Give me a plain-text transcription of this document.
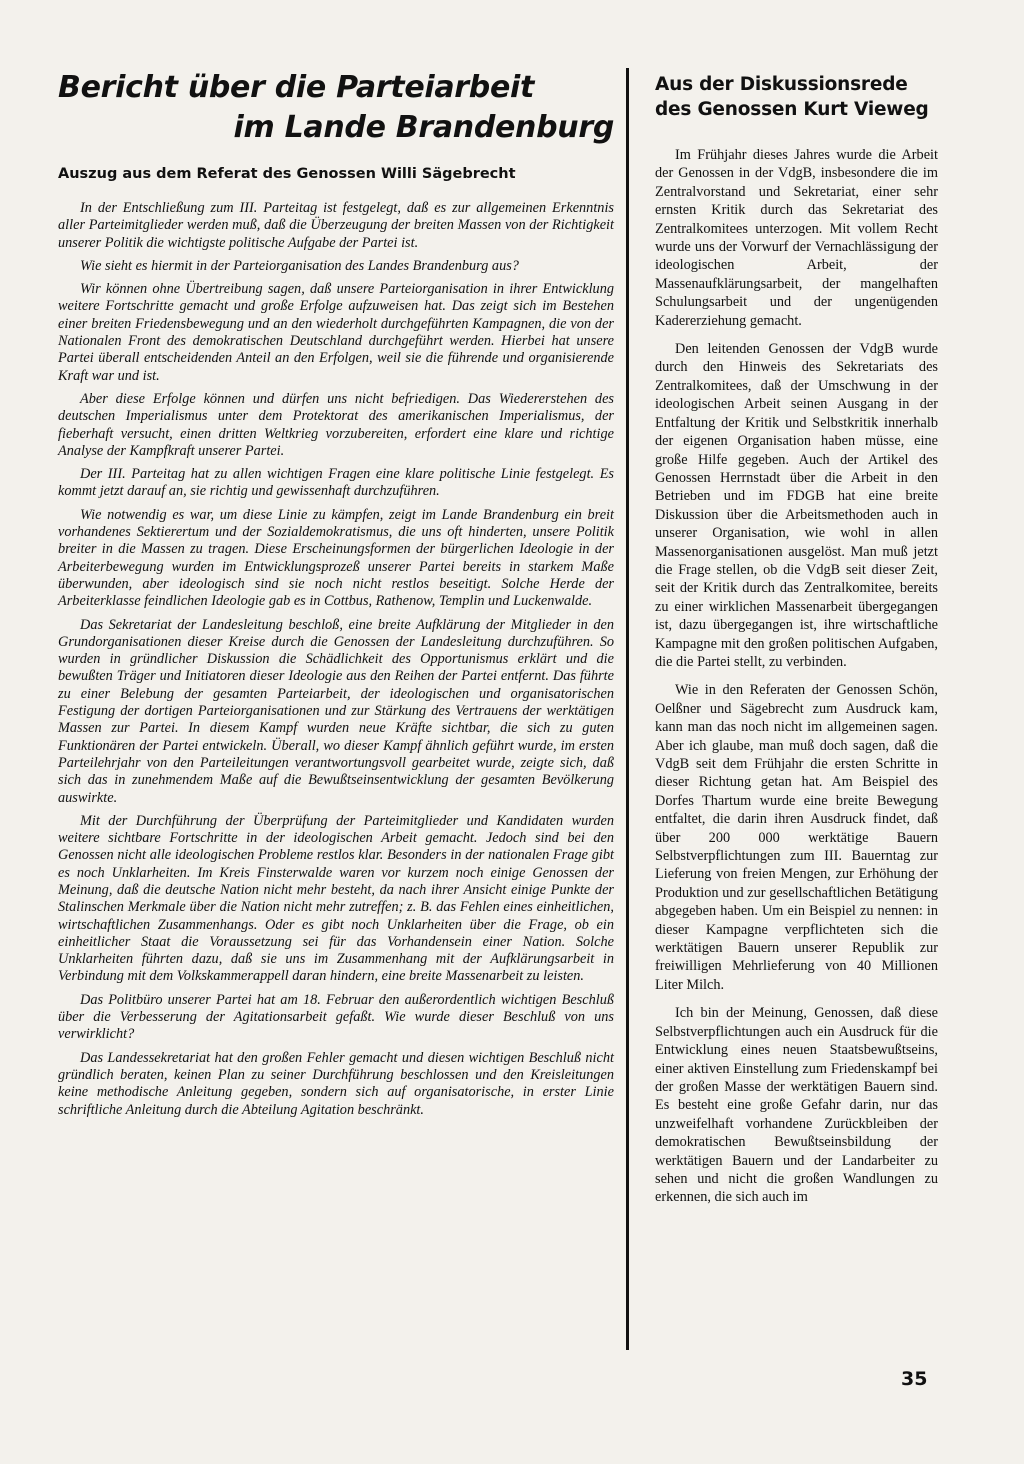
Bericht über die Parteiarbeit
im Lande Brandenburg
Auszug aus dem Referat des Genossen Willi Sägebrecht

In der Entschließung zum III. Parteitag ist festgelegt, daß es zur allgemeinen Erkenntnis aller Parteimitglieder werden muß, daß die Überzeugung der breiten Massen von der Richtigkeit unserer Politik die wichtigste politische Aufgabe der Partei ist.

Wie sieht es hiermit in der Parteiorganisation des Landes Brandenburg aus?

Wir können ohne Übertreibung sagen, daß unsere Parteiorganisation in ihrer Entwicklung weitere Fortschritte gemacht und große Erfolge aufzuweisen hat. Das zeigt sich im Bestehen einer breiten Friedensbewegung und an den wiederholt durchgeführten Kampagnen, die von der Nationalen Front des demokratischen Deutschland durchgeführt werden. Hierbei hat unsere Partei überall entscheidenden Anteil an den Erfolgen, weil sie die führende und organisierende Kraft war und ist.

Aber diese Erfolge können und dürfen uns nicht befriedigen. Das Wiedererstehen des deutschen Imperialismus unter dem Protektorat des amerikanischen Imperialismus, der fieberhaft versucht, einen dritten Weltkrieg vorzubereiten, erfordert eine klare und richtige Analyse der Kampfkraft unserer Partei.

Der III. Parteitag hat zu allen wichtigen Fragen eine klare politische Linie festgelegt. Es kommt jetzt darauf an, sie richtig und gewissenhaft durchzuführen.

Wie notwendig es war, um diese Linie zu kämpfen, zeigt im Lande Brandenburg ein breit vorhandenes Sektierertum und der Sozialdemokratismus, die uns oft hinderten, unsere Politik breiter in die Massen zu tragen. Diese Erscheinungsformen der bürgerlichen Ideologie in der Arbeiterbewegung wurden im Entwicklungsprozeß unserer Partei bereits in starkem Maße überwunden, aber ideologisch sind sie noch nicht restlos beseitigt. Solche Herde der Arbeiterklasse feindlichen Ideologie gab es in Cottbus, Rathenow, Templin und Luckenwalde.

Das Sekretariat der Landesleitung beschloß, eine breite Aufklärung der Mitglieder in den Grundorganisationen dieser Kreise durch die Genossen der Landesleitung durchzuführen. So wurden in gründlicher Diskussion die Schädlichkeit des Opportunismus erklärt und die bewußten Träger und Initiatoren dieser Ideologie aus den Reihen der Partei entfernt. Das führte zu einer Belebung der gesamten Parteiarbeit, der ideologischen und organisatorischen Festigung der dortigen Parteiorganisationen und zur Stärkung des Vertrauens der werktätigen Massen zur Partei. In diesem Kampf wurden neue Kräfte sichtbar, die sich zu guten Funktionären der Partei entwickeln. Überall, wo dieser Kampf ähnlich geführt wurde, im ersten Parteilehrjahr von den Parteileitungen verantwortungsvoll gearbeitet wurde, zeigte sich, daß sich das in zunehmendem Maße auf die Bewußtseinsentwicklung der gesamten Bevölkerung auswirkte.

Mit der Durchführung der Überprüfung der Parteimitglieder und Kandidaten wurden weitere sichtbare Fortschritte in der ideologischen Arbeit gemacht. Jedoch sind bei den Genossen nicht alle ideologischen Probleme restlos klar. Besonders in der nationalen Frage gibt es noch Unklarheiten. Im Kreis Finsterwalde waren vor kurzem noch einige Genossen der Meinung, daß die deutsche Nation nicht mehr besteht, da nach ihrer Ansicht einige Punkte der Stalinschen Merkmale über die Nation nicht mehr zutreffen; z. B. das Fehlen eines einheitlichen, wirtschaftlichen Zusammenhangs. Oder es gibt noch Unklarheiten über die Frage, ob ein einheitlicher Staat die Voraussetzung sei für das Vorhandensein einer Nation. Solche Unklarheiten führten dazu, daß sie uns im Zusammenhang mit der Aufklärungsarbeit in Verbindung mit dem Volkskammerappell daran hindern, eine breite Massenarbeit zu leisten.

Das Politbüro unserer Partei hat am 18. Februar den außerordentlich wichtigen Beschluß über die Verbesserung der Agitationsarbeit gefaßt. Wie wurde dieser Beschluß von uns verwirklicht?

Das Landessekretariat hat den großen Fehler gemacht und diesen wichtigen Beschluß nicht gründlich beraten, keinen Plan zu seiner Durchführung beschlossen und den Kreisleitungen keine methodische Anleitung gegeben, sondern sich auf organisatorische, in erster Linie schriftliche Anleitung durch die Abteilung Agitation beschränkt.

Aus der Diskussionsrede
des Genossen Kurt Vieweg

Im Frühjahr dieses Jahres wurde die Arbeit der Genossen in der VdgB, insbesondere die im Zentralvorstand und Sekretariat, einer sehr ernsten Kritik durch das Sekretariat des Zentralkomitees unterzogen. Mit vollem Recht wurde uns der Vorwurf der Vernachlässigung der ideologischen Arbeit, der Massenaufklärungsarbeit, der mangelhaften Schulungsarbeit und der ungenügenden Kadererziehung gemacht.

Den leitenden Genossen der VdgB wurde durch den Hinweis des Sekretariats des Zentralkomitees, daß der Umschwung in der ideologischen Arbeit seinen Ausgang in der Entfaltung der Kritik und Selbstkritik innerhalb der eigenen Organisation haben müsse, eine große Hilfe gegeben. Auch der Artikel des Genossen Herrnstadt über die Arbeit in den Betrieben und im FDGB hat eine breite Diskussion über die Arbeitsmethoden auch in unserer Organisation, wie wohl in allen Massenorganisationen ausgelöst. Man muß jetzt die Frage stellen, ob die VdgB seit dieser Zeit, seit der Kritik durch das Zentralkomitee, bereits zu einer wirklichen Massenarbeit übergegangen ist, dazu übergegangen ist, ihre wirtschaftliche Kampagne mit den großen politischen Aufgaben, die die Partei stellt, zu verbinden.

Wie in den Referaten der Genossen Schön, Oelßner und Sägebrecht zum Ausdruck kam, kann man das noch nicht im allgemeinen sagen. Aber ich glaube, man muß doch sagen, daß die VdgB seit dem Frühjahr die ersten Schritte in dieser Richtung getan hat. Am Beispiel des Dorfes Thartum wurde eine breite Bewegung entfaltet, die darin ihren Ausdruck findet, daß über 200 000 werktätige Bauern Selbstverpflichtungen zum III. Bauerntag zur Lieferung von freien Mengen, zur Erhöhung der Produktion und zur gesellschaftlichen Betätigung abgegeben haben. Um ein Beispiel zu nennen: in dieser Kampagne verpflichteten sich die werktätigen Bauern unserer Republik zur freiwilligen Mehrlieferung von 40 Millionen Liter Milch.

Ich bin der Meinung, Genossen, daß diese Selbstverpflichtungen auch ein Ausdruck für die Entwicklung eines neuen Staatsbewußtseins, einer aktiven Einstellung zum Friedenskampf bei der großen Masse der werktätigen Bauern sind. Es besteht eine große Gefahr darin, nur das unzweifelhaft vorhandene Zurückbleiben der demokratischen Bewußtseinsbildung der werktätigen Bauern und der Landarbeiter zu sehen und nicht die großen Wandlungen zu erkennen, die sich auch im

35
